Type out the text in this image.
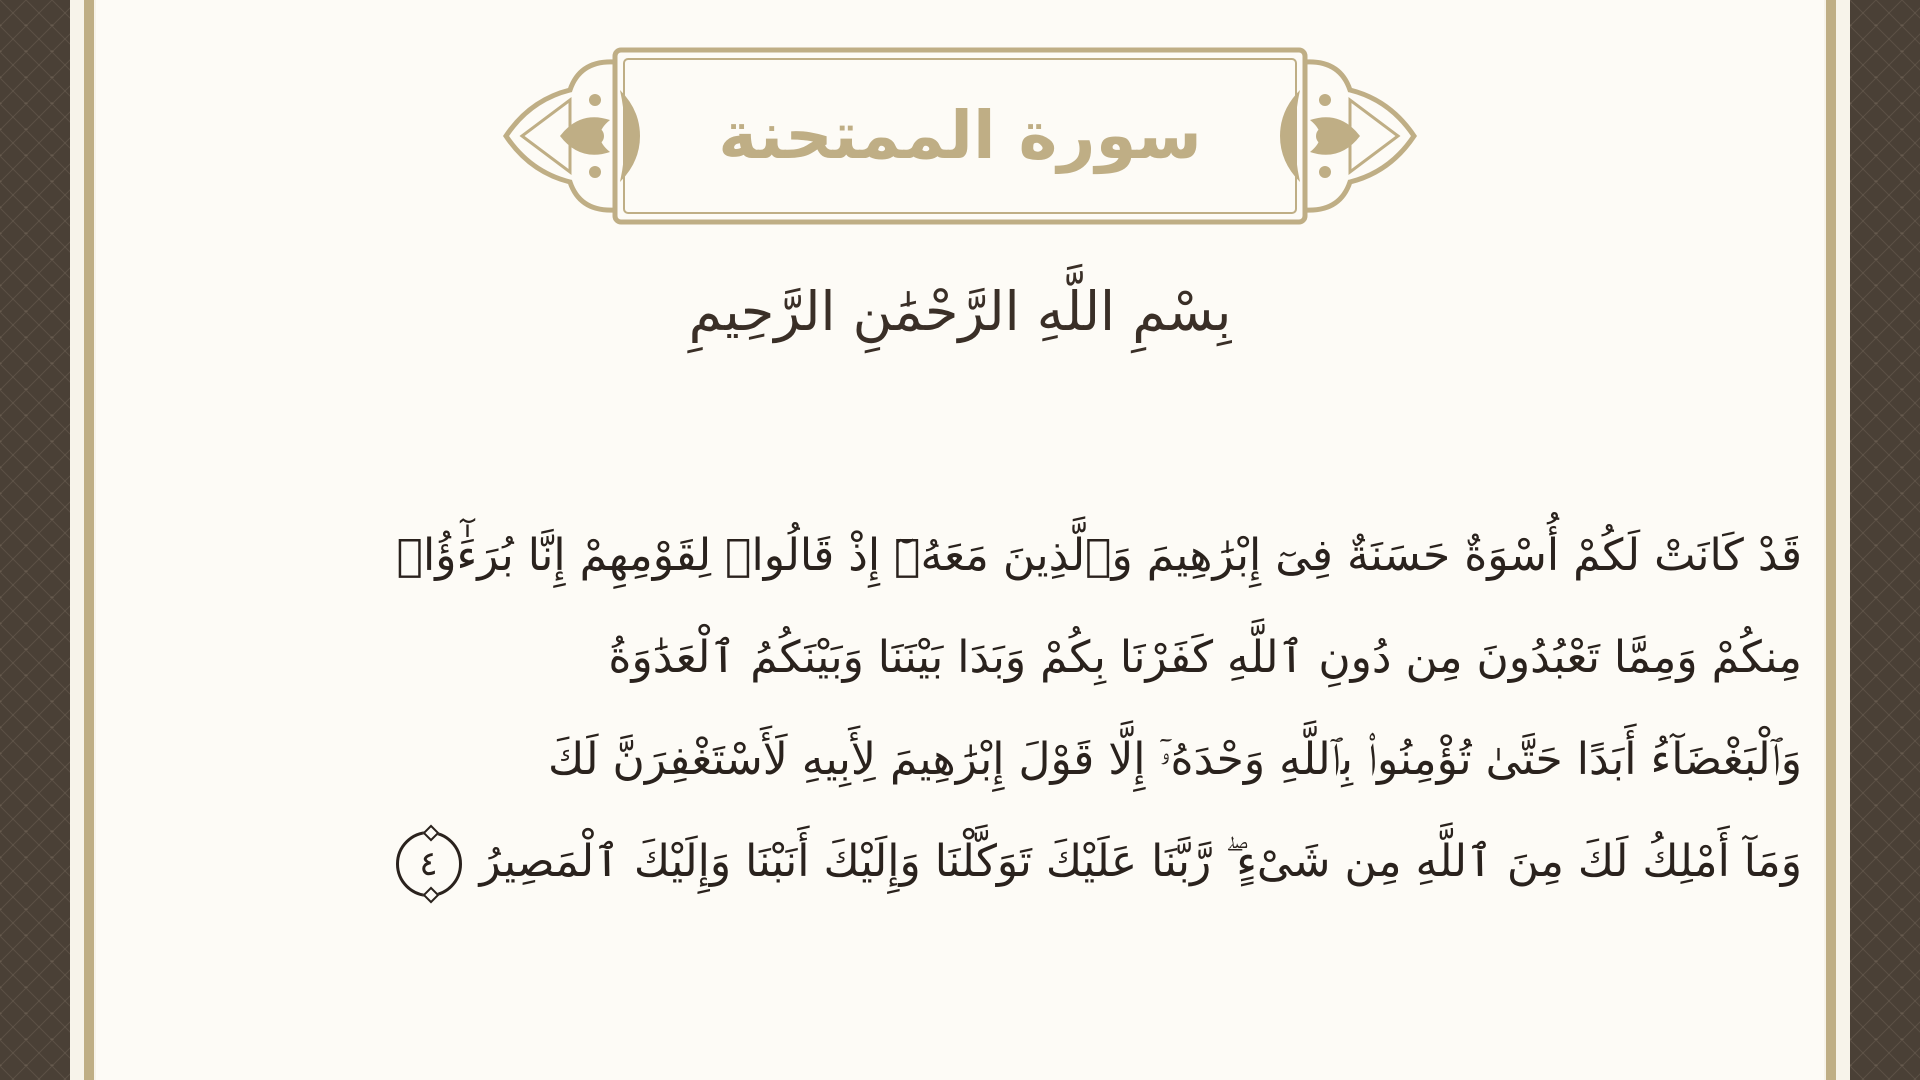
سورة الممتحنة
بِسْمِ اللَّهِ الرَّحْمَٰنِ الرَّحِيمِ
قَدْ كَانَتْ لَكُمْ أُسْوَةٌ حَسَنَةٌ فِىٓ إِبْرَٰهِيمَ وَٱلَّذِينَ مَعَهُۥٓ إِذْ قَالُوا۟ لِقَوْمِهِمْ إِنَّا بُرَءَٰٓؤُا۟
مِنكُمْ وَمِمَّا تَعْبُدُونَ مِن دُونِ ٱللَّهِ كَفَرْنَا بِكُمْ وَبَدَا بَيْنَنَا وَبَيْنَكُمُ ٱلْعَدَٰوَةُ
وَٱلْبَغْضَآءُ أَبَدًا حَتَّىٰ تُؤْمِنُوا۟ بِٱللَّهِ وَحْدَهُۥٓ إِلَّا قَوْلَ إِبْرَٰهِيمَ لِأَبِيهِ لَأَسْتَغْفِرَنَّ لَكَ
وَمَآ أَمْلِكُ لَكَ مِنَ ٱللَّهِ مِن شَىْءٍ ۖ رَّبَّنَا عَلَيْكَ تَوَكَّلْنَا وَإِلَيْكَ أَنَبْنَا وَإِلَيْكَ ٱلْمَصِيرُ٤
